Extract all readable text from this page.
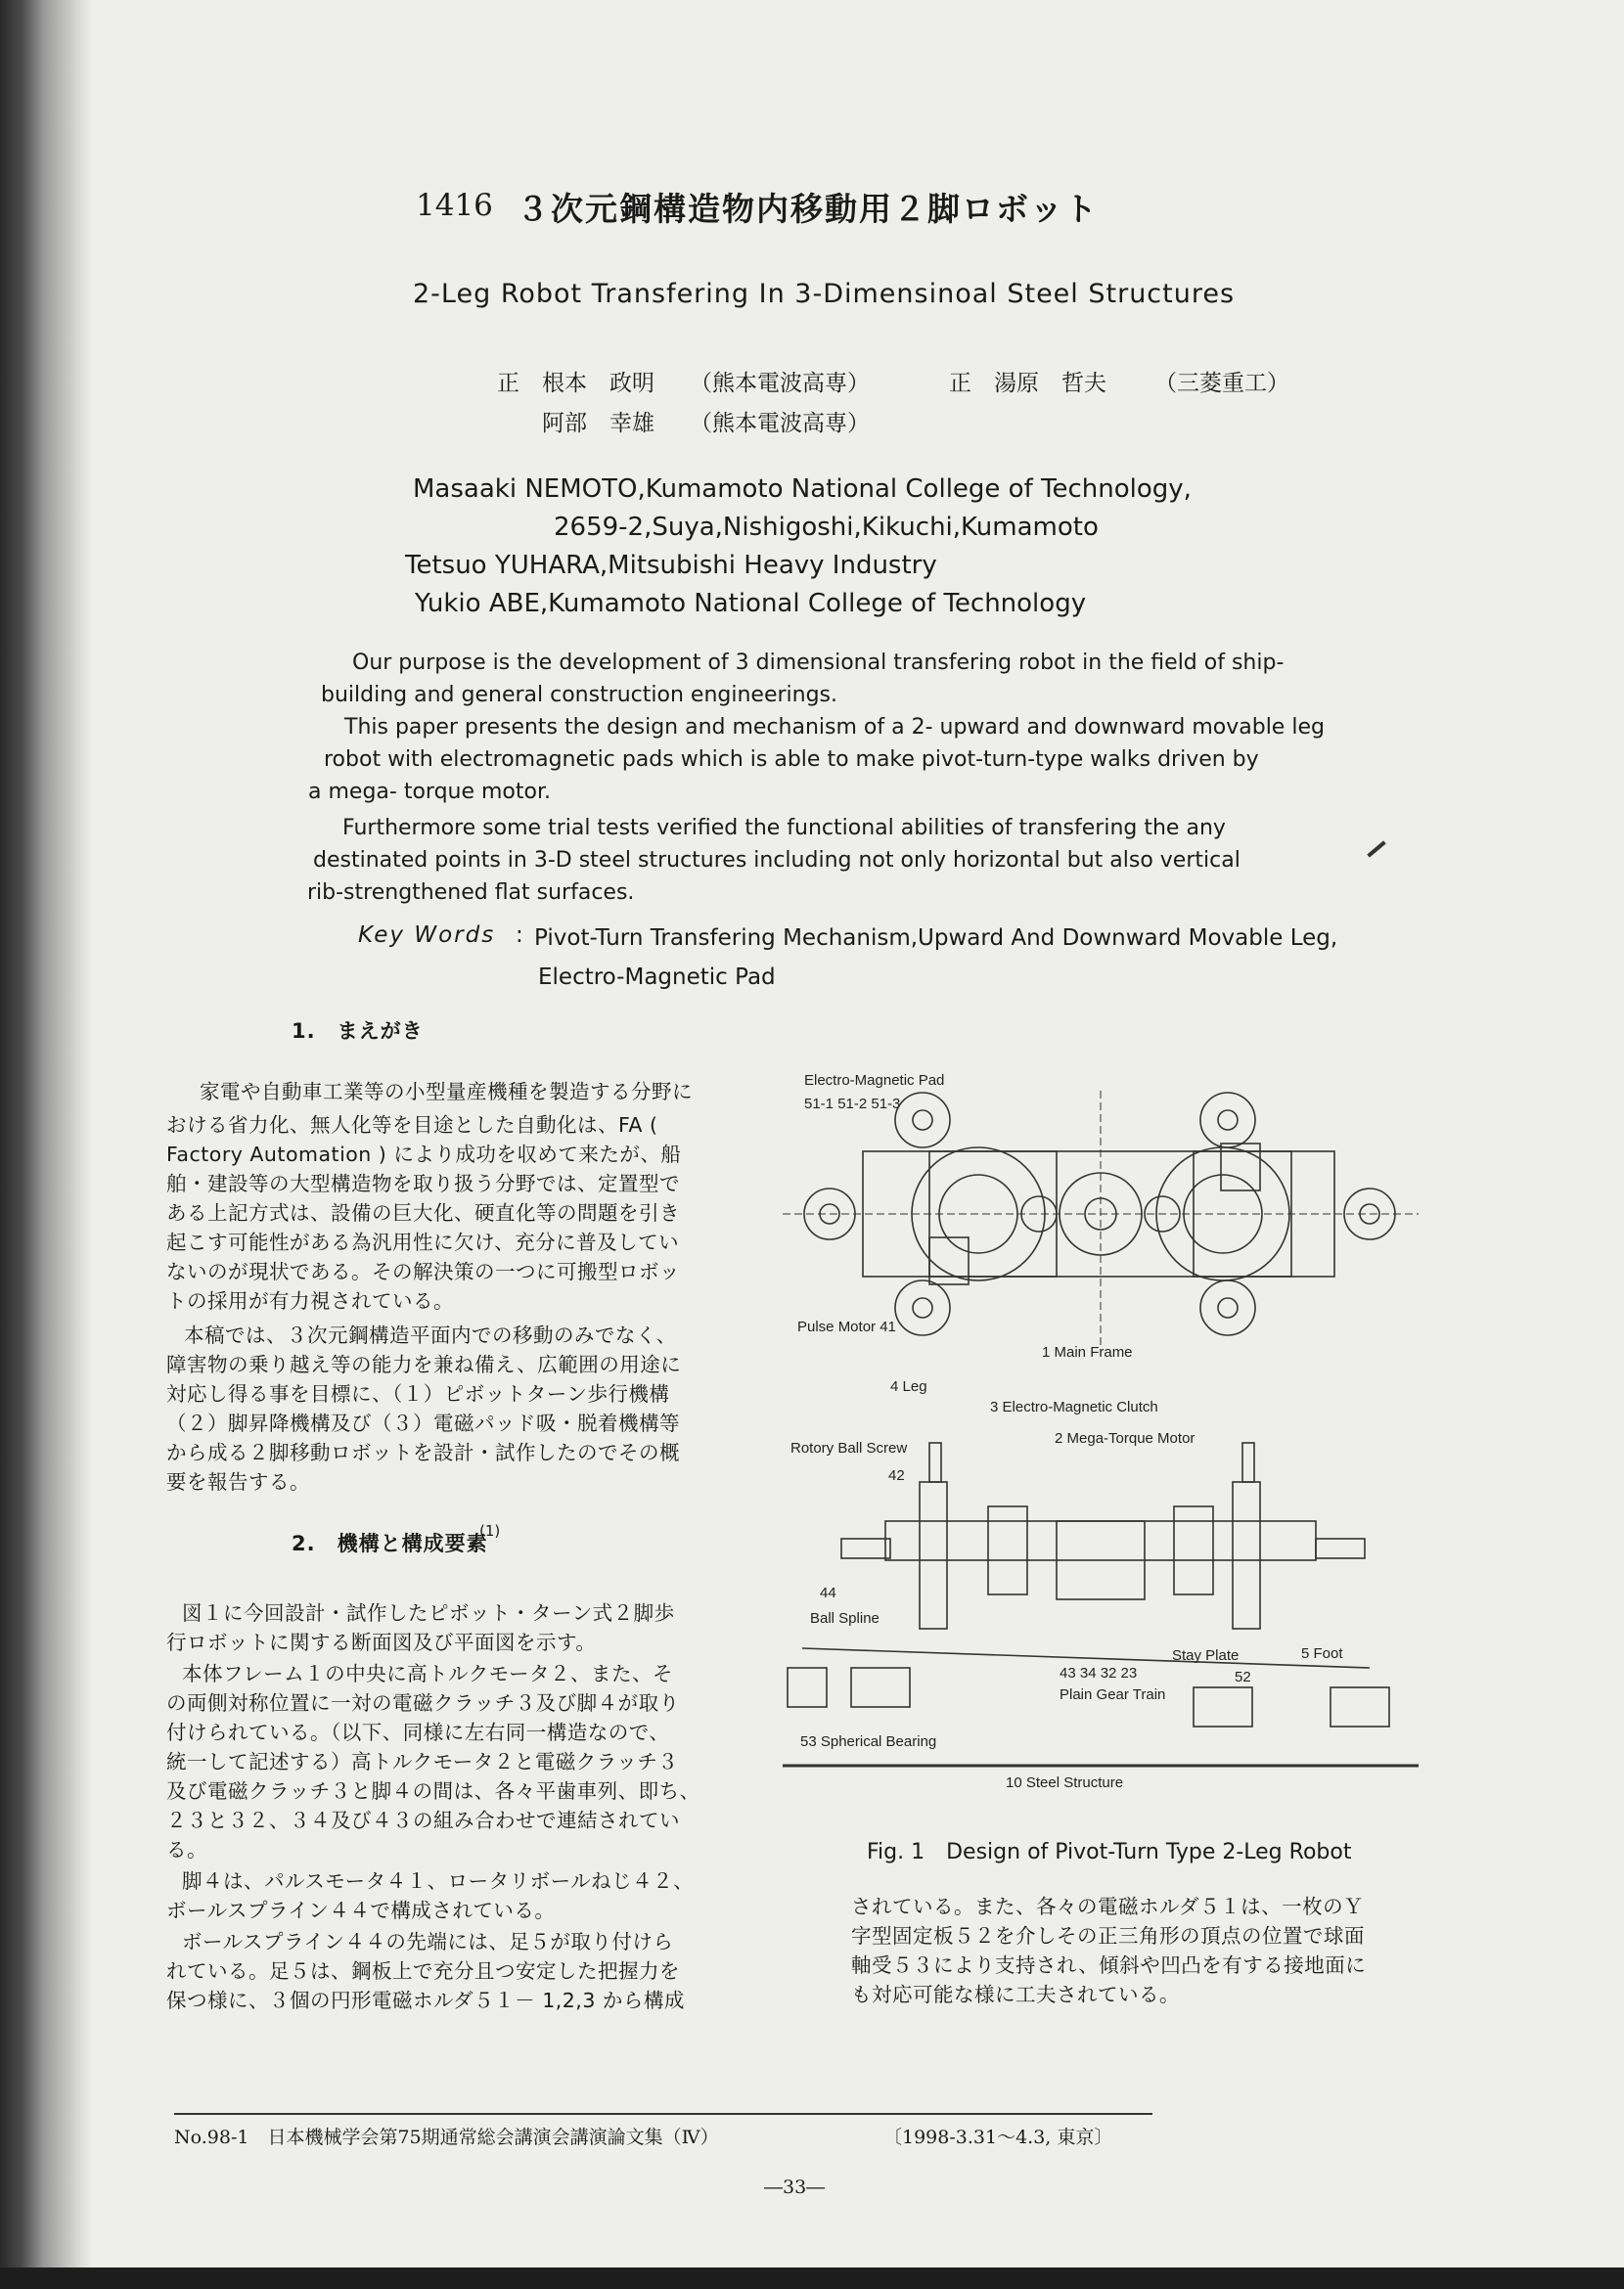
1416 ３次元鋼構造物内移動用２脚ロボット
2-Leg Robot Transfering In 3-Dimensinoal Steel Structures
正 根本　政明 （熊本電波高専）	正 湯原　哲夫 （三菱重工）
阿部　幸雄 （熊本電波高専）
Masaaki NEMOTO,Kumamoto National College of Technology,
2659-2,Suya,Nishigoshi,Kikuchi,Kumamoto
Tetsuo YUHARA,Mitsubishi Heavy Industry
Yukio ABE,Kumamoto National College of Technology
Our purpose is the development of 3 dimensional transfering robot in the field of ship-
building and general construction engineerings.
This paper presents the design and mechanism of a 2- upward and downward movable leg
robot with electromagnetic pads which is able to make pivot-turn-type walks driven by
a mega- torque motor.
Furthermore some trial tests verified the functional abilities of transfering the any
destinated points in 3-D steel structures including not only horizontal but also vertical
rib-strengthened flat surfaces.
Key Words : Pivot-Turn Transfering Mechanism,Upward And Downward Movable Leg,
Electro-Magnetic Pad
1.　まえがき
家電や自動車工業等の小型量産機種を製造する分野に
おける省力化、無人化等を目途とした自動化は、FA (
Factory Automation ) により成功を収めて来たが、船
舶・建設等の大型構造物を取り扱う分野では、定置型で
ある上記方式は、設備の巨大化、硬直化等の問題を引き
起こす可能性がある為汎用性に欠け、充分に普及してい
ないのが現状である。その解決策の一つに可搬型ロボッ
トの採用が有力視されている。
本稿では、３次元鋼構造平面内での移動のみでなく、
障害物の乗り越え等の能力を兼ね備え、広範囲の用途に
対応し得る事を目標に、（１）ピボットターン歩行機構
（２）脚昇降機構及び（３）電磁パッド吸・脱着機構等
から成る２脚移動ロボットを設計・試作したのでその概
要を報告する。
2.　機構と構成要素
(1)
図１に今回設計・試作したピボット・ターン式２脚歩
行ロボットに関する断面図及び平面図を示す。
本体フレーム１の中央に高トルクモータ２、また、そ
の両側対称位置に一対の電磁クラッチ３及び脚４が取り
付けられている。（以下、同様に左右同一構造なので、
統一して記述する）高トルクモータ２と電磁クラッチ３
及び電磁クラッチ３と脚４の間は、各々平歯車列、即ち、
２３と３２、３４及び４３の組み合わせで連結されてい
る。
脚４は、パルスモータ４１、ロータリボールねじ４２、
ボールスプライン４４で構成されている。
ボールスプライン４４の先端には、足５が取り付けら
れている。足５は、鋼板上で充分且つ安定した把握力を
保つ様に、３個の円形電磁ホルダ５１－ 1,2,3 から構成
されている。また、各々の電磁ホルダ５１は、一枚のＹ
字型固定板５２を介しその正三角形の頂点の位置で球面
軸受５３により支持され、傾斜や凹凸を有する接地面に
も対応可能な様に工夫されている。
Electro-Magnetic Pad
51-1 51-2 51-3
Pulse Motor 41
1 Main Frame
4 Leg
3 Electro-Magnetic Clutch
2 Mega-Torque Motor
Rotory Ball Screw
42
44
Ball Spline
43 34 32 23
Plain Gear Train
Stay Plate
52
5 Foot
53 Spherical Bearing
10 Steel Structure
Fig. 1　Design of Pivot-Turn Type 2-Leg Robot
No.98-1　日本機械学会第75期通常総会講演会講演論文集（Ⅳ）	〔1998-3.31～4.3, 東京〕
―33―
